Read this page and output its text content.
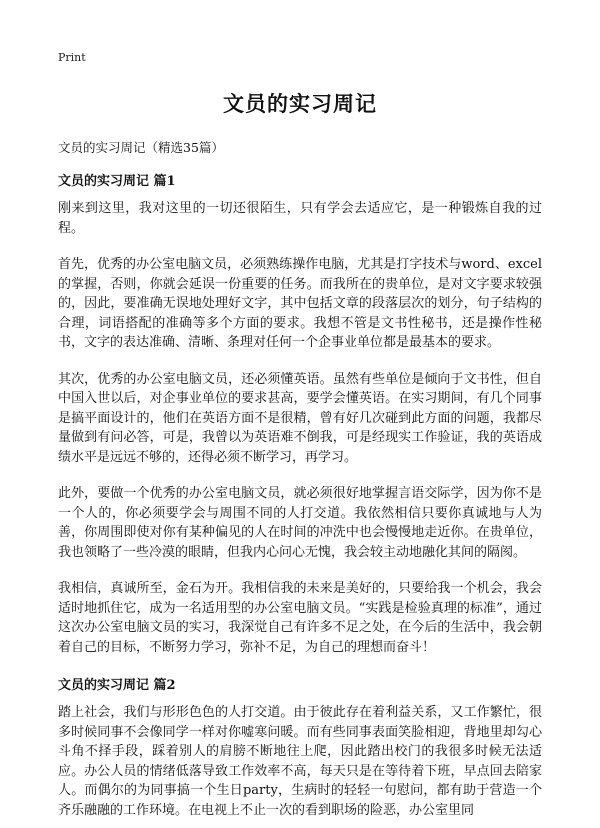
Print
文员的实习周记

文员的实习周记（精选35篇）

文员的实习周记 篇1

刚来到这里，我对这里的一切还很陌生，只有学会去适应它，是一种锻炼自我的过程。

首先，优秀的办公室电脑文员，必须熟练操作电脑，尤其是打字技术与word、excel的掌握，否则，你就会延误一份重要的任务。而我所在的贵单位，是对文字要求较强的，因此，要准确无误地处理好文字，其中包括文章的段落层次的划分，句子结构的合理，词语搭配的准确等多个方面的要求。我想不管是文书性秘书，还是操作性秘书，文字的表达准确、清晰、条理对任何一个企事业单位都是最基本的要求。

其次，优秀的办公室电脑文员，还必须懂英语。虽然有些单位是倾向于文书性，但自中国入世以后，对企事业单位的要求甚高，要学会懂英语。在实习期间，有几个同事是搞平面设计的，他们在英语方面不是很精，曾有好几次碰到此方面的问题，我都尽量做到有问必答，可是，我曾以为英语难不倒我，可是经现实工作验证，我的英语成绩水平是远远不够的，还得必须不断学习，再学习。

此外，要做一个优秀的办公室电脑文员，就必须很好地掌握言语交际学，因为你不是一个人的，你必须要学会与周围不同的人打交道。我依然相信只要你真诚地与人为善，你周围即使对你有某种偏见的人在时间的冲洗中也会慢慢地走近你。在贵单位，我也领略了一些冷漠的眼睛，但我内心问心无愧，我会较主动地融化其间的隔阂。

我相信，真诚所至，金石为开。我相信我的未来是美好的，只要给我一个机会，我会适时地抓住它，成为一名适用型的办公室电脑文员。“实践是检验真理的标准”，通过这次办公室电脑文员的实习，我深觉自己有许多不足之处，在今后的生活中，我会朝着自己的目标，不断努力学习，弥补不足，为自己的理想而奋斗！

文员的实习周记 篇2

踏上社会，我们与形形色色的人打交道。由于彼此存在着利益关系，又工作繁忙，很多时候同事不会像同学一样对你嘘寒问暖。而有些同事表面笑脸相迎，背地里却勾心斗角不择手段，踩着别人的肩膀不断地往上爬，因此踏出校门的我很多时候无法适应。办公人员的情绪低落导致工作效率不高，每天只是在等待着下班，早点回去陪家人。而偶尔的为同事搞一个生日party，生病时的轻轻一句慰问，都有助于营造一个齐乐融融的工作环境。在电视上不止一次的看到职场的险恶，办公室里同
